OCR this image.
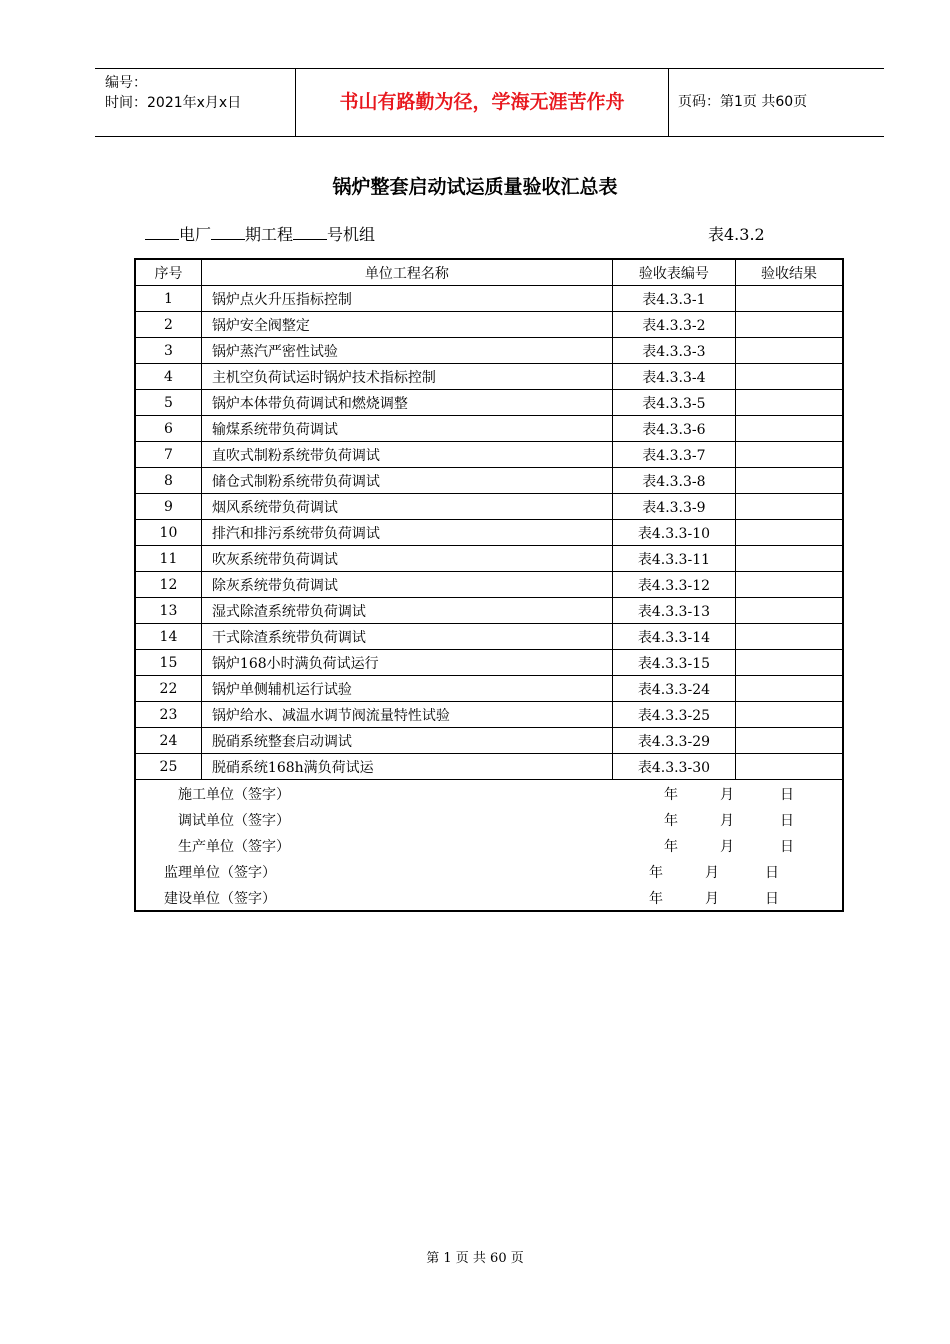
编号：
时间：2021年x月x日	书山有路勤为径，学海无涯苦作舟	页码：第1页 共60页
锅炉整套启动试运质量验收汇总表
电厂 期工程 号机组	表4.3.2
序号	单位工程名称	验收表编号	验收结果
1	锅炉点火升压指标控制	表4.3.3-1	
2	锅炉安全阀整定	表4.3.3-2	
3	锅炉蒸汽严密性试验	表4.3.3-3	
4	主机空负荷试运时锅炉技术指标控制	表4.3.3-4	
5	锅炉本体带负荷调试和燃烧调整	表4.3.3-5	
6	输煤系统带负荷调试	表4.3.3-6	
7	直吹式制粉系统带负荷调试	表4.3.3-7	
8	储仓式制粉系统带负荷调试	表4.3.3-8	
9	烟风系统带负荷调试	表4.3.3-9	
10	排汽和排污系统带负荷调试	表4.3.3-10	
11	吹灰系统带负荷调试	表4.3.3-11	
12	除灰系统带负荷调试	表4.3.3-12	
13	湿式除渣系统带负荷调试	表4.3.3-13	
14	干式除渣系统带负荷调试	表4.3.3-14	
15	锅炉168小时满负荷试运行	表4.3.3-15	
22	锅炉单侧辅机运行试验	表4.3.3-24	
23	锅炉给水、减温水调节阀流量特性试验	表4.3.3-25	
24	脱硝系统整套启动调试	表4.3.3-29	
25	脱硝系统168h满负荷试运	表4.3.3-30	

施工单位（签字） 年 月 日			

调试单位（签字） 年 月 日			

生产单位（签字） 年 月 日			

监理单位（签字） 年 月 日			

建设单位（签字） 年 月 日			
第 1 页 共 60 页
